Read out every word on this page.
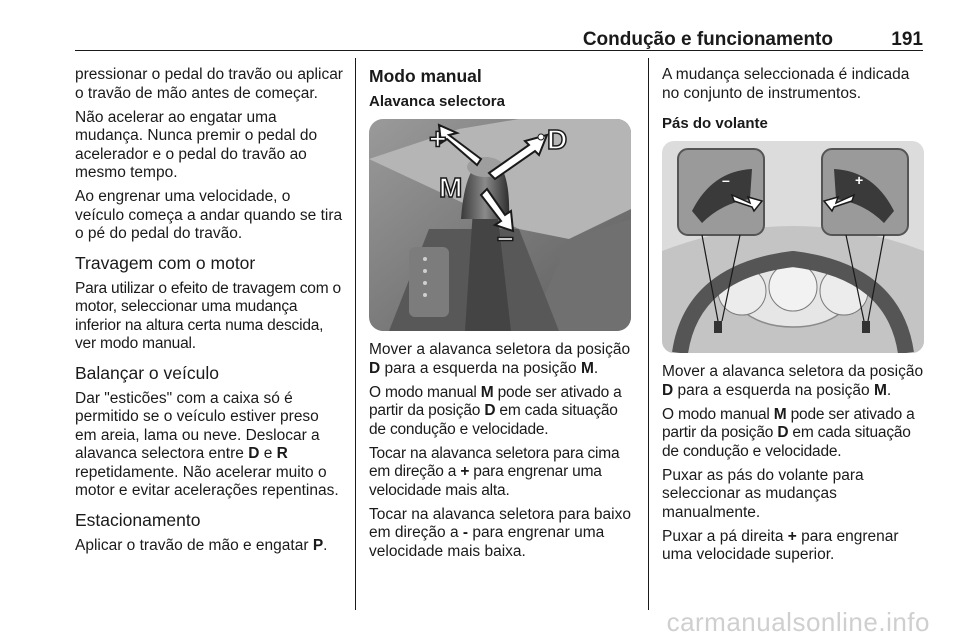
Condução e funcionamento	191

pressionar o pedal do travão ou aplicar o travão de mão antes de começar.

Não acelerar ao engatar uma mudança. Nunca premir o pedal do acelerador e o pedal do travão ao mesmo tempo.

Ao engrenar uma velocidade, o veículo começa a andar quando se tira o pé do pedal do travão.

Travagem com o motor

Para utilizar o efeito de travagem com o motor, seleccionar uma mudança inferior na altura certa numa descida, ver modo manual.

Balançar o veículo

Dar "esticões" com a caixa só é permitido se o veículo estiver preso em areia, lama ou neve. Deslocar a alavanca selectora entre D e R repetidamente. Não acelerar muito o motor e evitar acelerações repentinas.

Estacionamento

Aplicar o travão de mão e engatar P.

Modo manual
Alavanca selectora
+	D
M
–

Mover a alavanca seletora da posição D para a esquerda na posição M.

O modo manual M pode ser ativado a partir da posição D em cada situação de condução e velocidade.

Tocar na alavanca seletora para cima em direção a + para engrenar uma velocidade mais alta.

Tocar na alavanca seletora para baixo em direção a - para engrenar uma velocidade mais baixa.

A mudança seleccionada é indicada no conjunto de instrumentos.

Pás do volante
–	+

Mover a alavanca seletora da posição D para a esquerda na posição M.

O modo manual M pode ser ativado a partir da posição D em cada situação de condução e velocidade.

Puxar as pás do volante para seleccionar as mudanças manualmente.

Puxar a pá direita + para engrenar uma velocidade superior.

carmanualsonline.info
